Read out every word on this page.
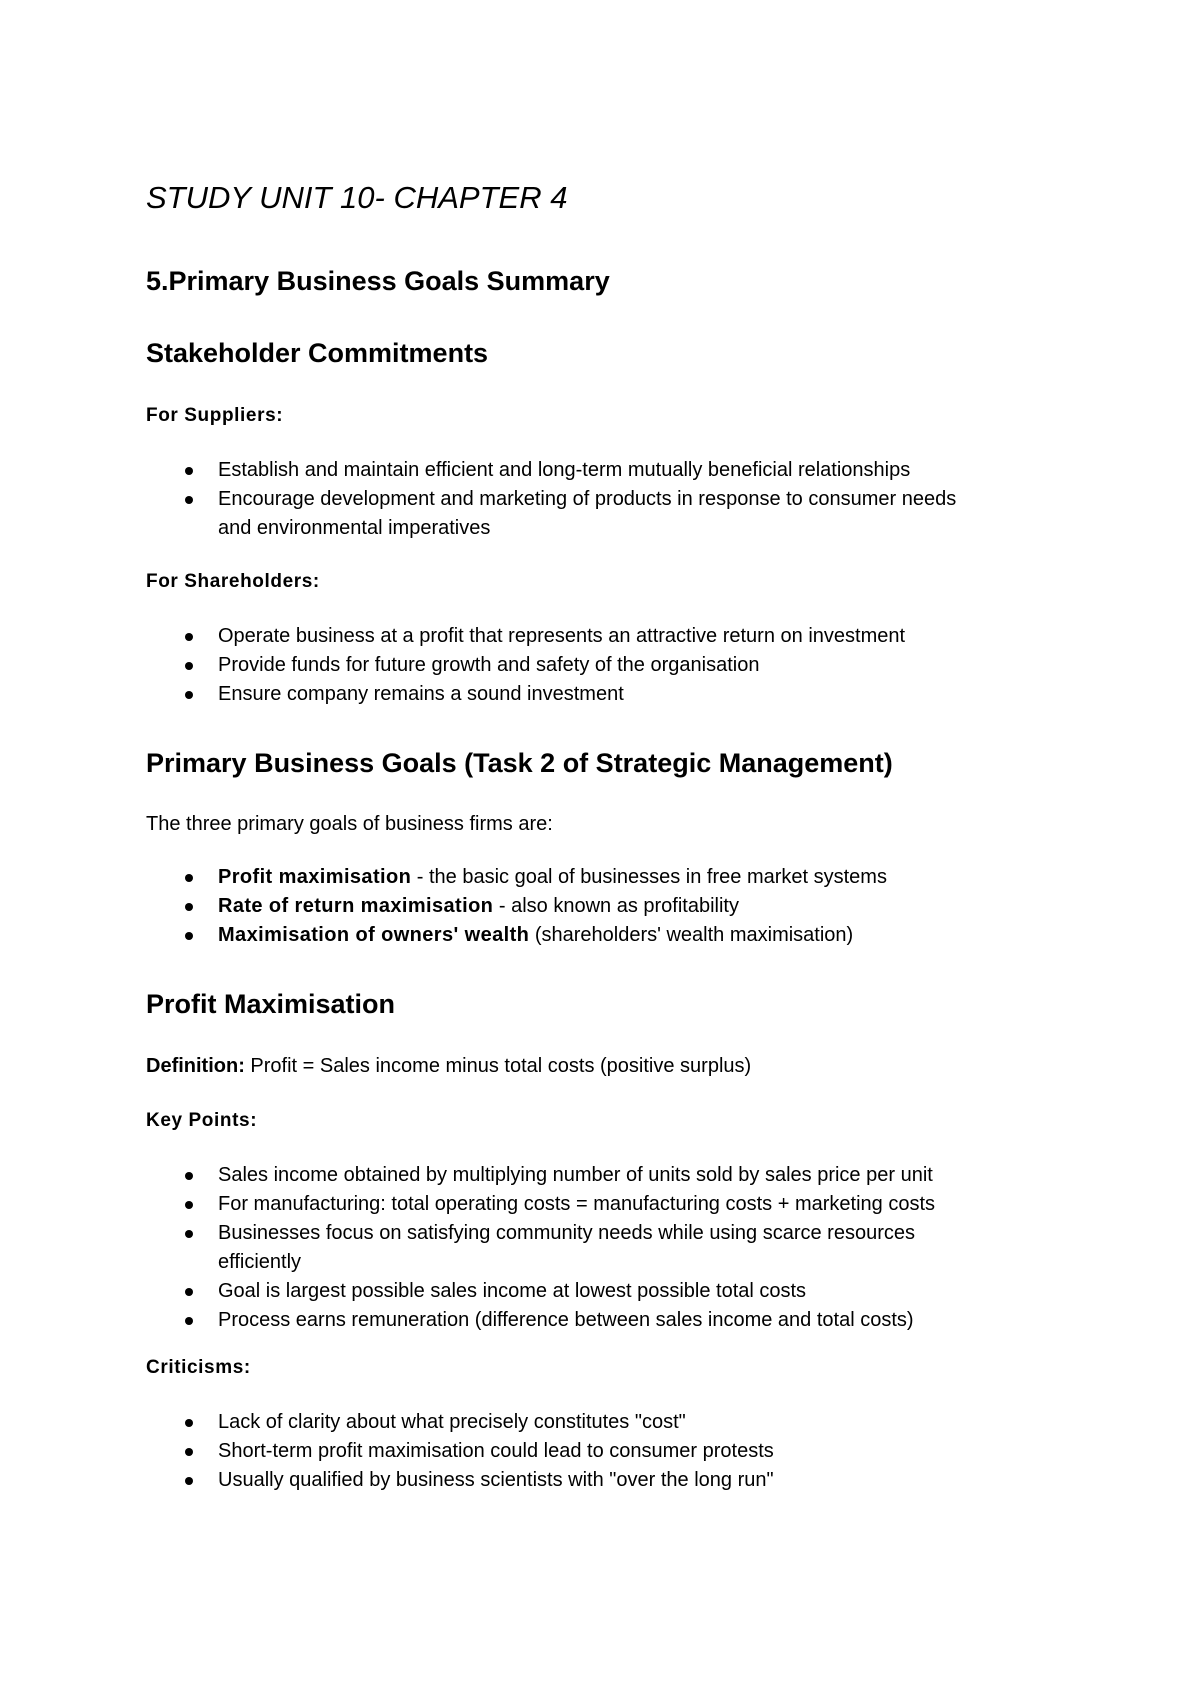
STUDY UNIT 10- CHAPTER 4
5.Primary Business Goals Summary
Stakeholder Commitments

For Suppliers:

Establish and maintain efficient and long-term mutually beneficial relationships
Encourage development and marketing of products in response to consumer needs
and environmental imperatives

For Shareholders:

Operate business at a profit that represents an attractive return on investment
Provide funds for future growth and safety of the organisation
Ensure company remains a sound investment
Primary Business Goals (Task 2 of Strategic Management)

The three primary goals of business firms are:

Profit maximisation - the basic goal of businesses in free market systems
Rate of return maximisation - also known as profitability
Maximisation of owners' wealth (shareholders' wealth maximisation)
Profit Maximisation

Definition: Profit = Sales income minus total costs (positive surplus)

Key Points:

Sales income obtained by multiplying number of units sold by sales price per unit
For manufacturing: total operating costs = manufacturing costs + marketing costs
Businesses focus on satisfying community needs while using scarce resources
efficiently
Goal is largest possible sales income at lowest possible total costs
Process earns remuneration (difference between sales income and total costs)

Criticisms:

Lack of clarity about what precisely constitutes "cost"
Short-term profit maximisation could lead to consumer protests
Usually qualified by business scientists with "over the long run"
